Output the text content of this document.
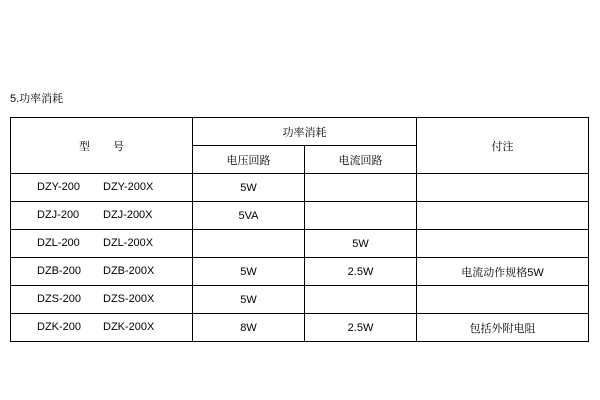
5.功率消耗
型　号	功率消耗		付注
	电压回路	电流回路	

DZY-200 DZY-200X	5W		

DZJ-200 DZJ-200X	5VA		

DZL-200 DZL-200X		5W	

DZB-200 DZB-200X	5W	2.5W	电流动作规格5W

DZS-200 DZS-200X	5W		

DZK-200 DZK-200X	8W	2.5W	包括外附电阻
